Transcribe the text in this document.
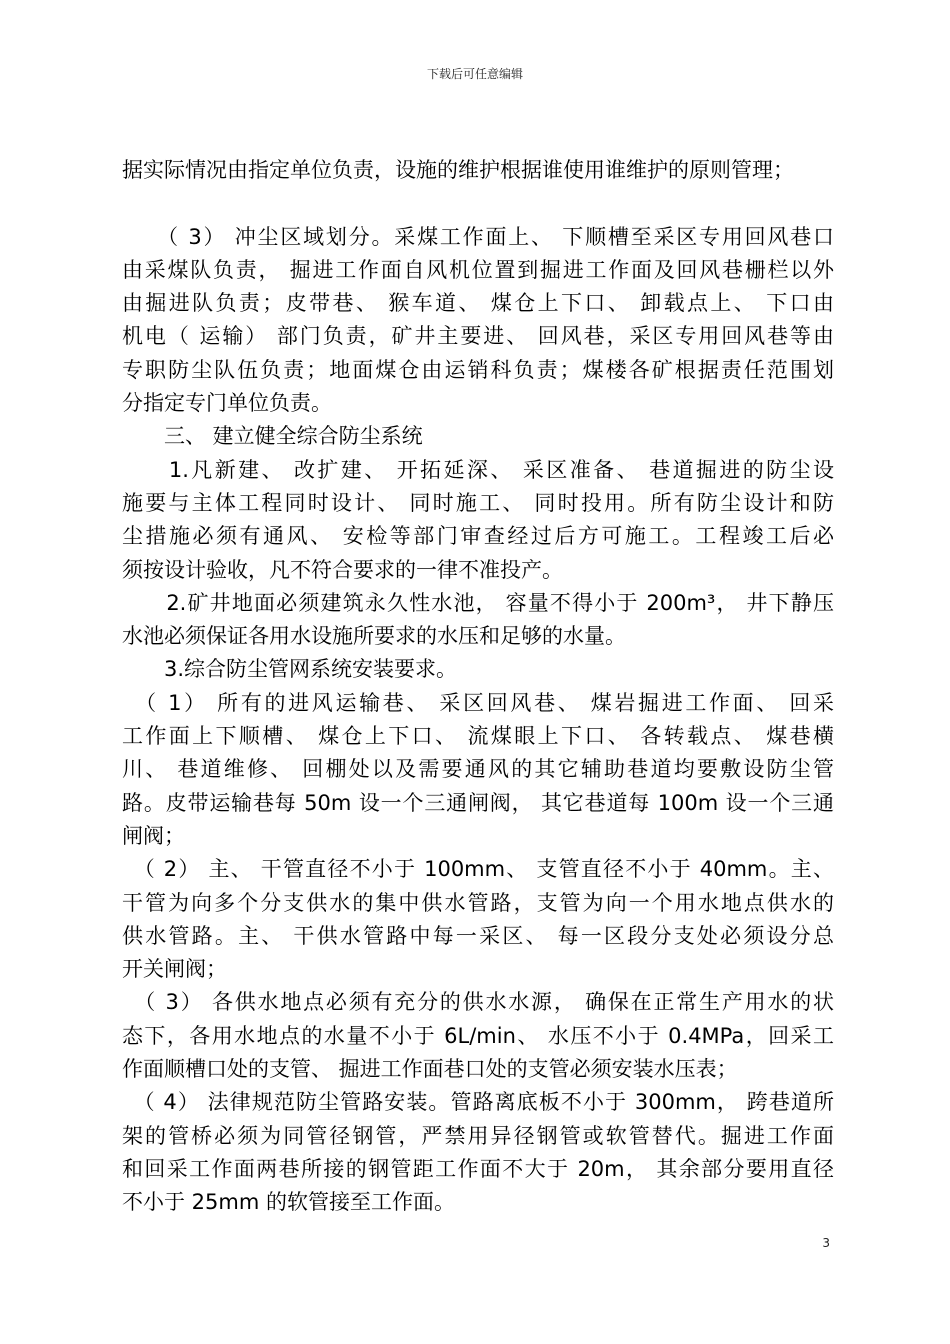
下载后可任意编辑
据实际情况由指定单位负责，设施的维护根据谁使用谁维护的原则管理；
　　（ 3） 冲尘区域划分。采煤工作面上、 下顺槽至采区专用回风巷口
由采煤队负责， 掘进工作面自风机位置到掘进工作面及回风巷栅栏以外
由掘进队负责；皮带巷、 猴车道、 煤仓上下口、 卸载点上、 下口由
机电（ 运输） 部门负责，矿井主要进、 回风巷，采区专用回风巷等由
专职防尘队伍负责；地面煤仓由运销科负责；煤楼各矿根据责任范围划
分指定专门单位负责。
　　三、 建立健全综合防尘系统
　　1.凡新建、 改扩建、 开拓延深、 采区准备、 巷道掘进的防尘设
施要与主体工程同时设计、 同时施工、 同时投用。所有防尘设计和防
尘措施必须有通风、 安检等部门审查经过后方可施工。工程竣工后必
须按设计验收，凡不符合要求的一律不准投产。
　　2.矿井地面必须建筑永久性水池， 容量不得小于 200m³， 井下静压
水池必须保证各用水设施所要求的水压和足够的水量。
　　3.综合防尘管网系统安装要求。
　（ 1） 所有的进风运输巷、 采区回风巷、 煤岩掘进工作面、 回采
工作面上下顺槽、 煤仓上下口、 流煤眼上下口、 各转载点、 煤巷横
川、 巷道维修、 回棚处以及需要通风的其它辅助巷道均要敷设防尘管
路。皮带运输巷每 50m 设一个三通闸阀， 其它巷道每 100m 设一个三通
闸阀；
　（ 2） 主、 干管直径不小于 100mm、 支管直径不小于 40mm。主、
干管为向多个分支供水的集中供水管路，支管为向一个用水地点供水的
供水管路。主、 干供水管路中每一采区、 每一区段分支处必须设分总
开关闸阀；
　（ 3） 各供水地点必须有充分的供水水源， 确保在正常生产用水的状
态下，各用水地点的水量不小于 6L/min、 水压不小于 0.4MPa，回采工
作面顺槽口处的支管、 掘进工作面巷口处的支管必须安装水压表；
　（ 4） 法律规范防尘管路安装。管路离底板不小于 300mm， 跨巷道所
架的管桥必须为同管径钢管，严禁用异径钢管或软管替代。掘进工作面
和回采工作面两巷所接的钢管距工作面不大于 20m， 其余部分要用直径
不小于 25mm 的软管接至工作面。
3
